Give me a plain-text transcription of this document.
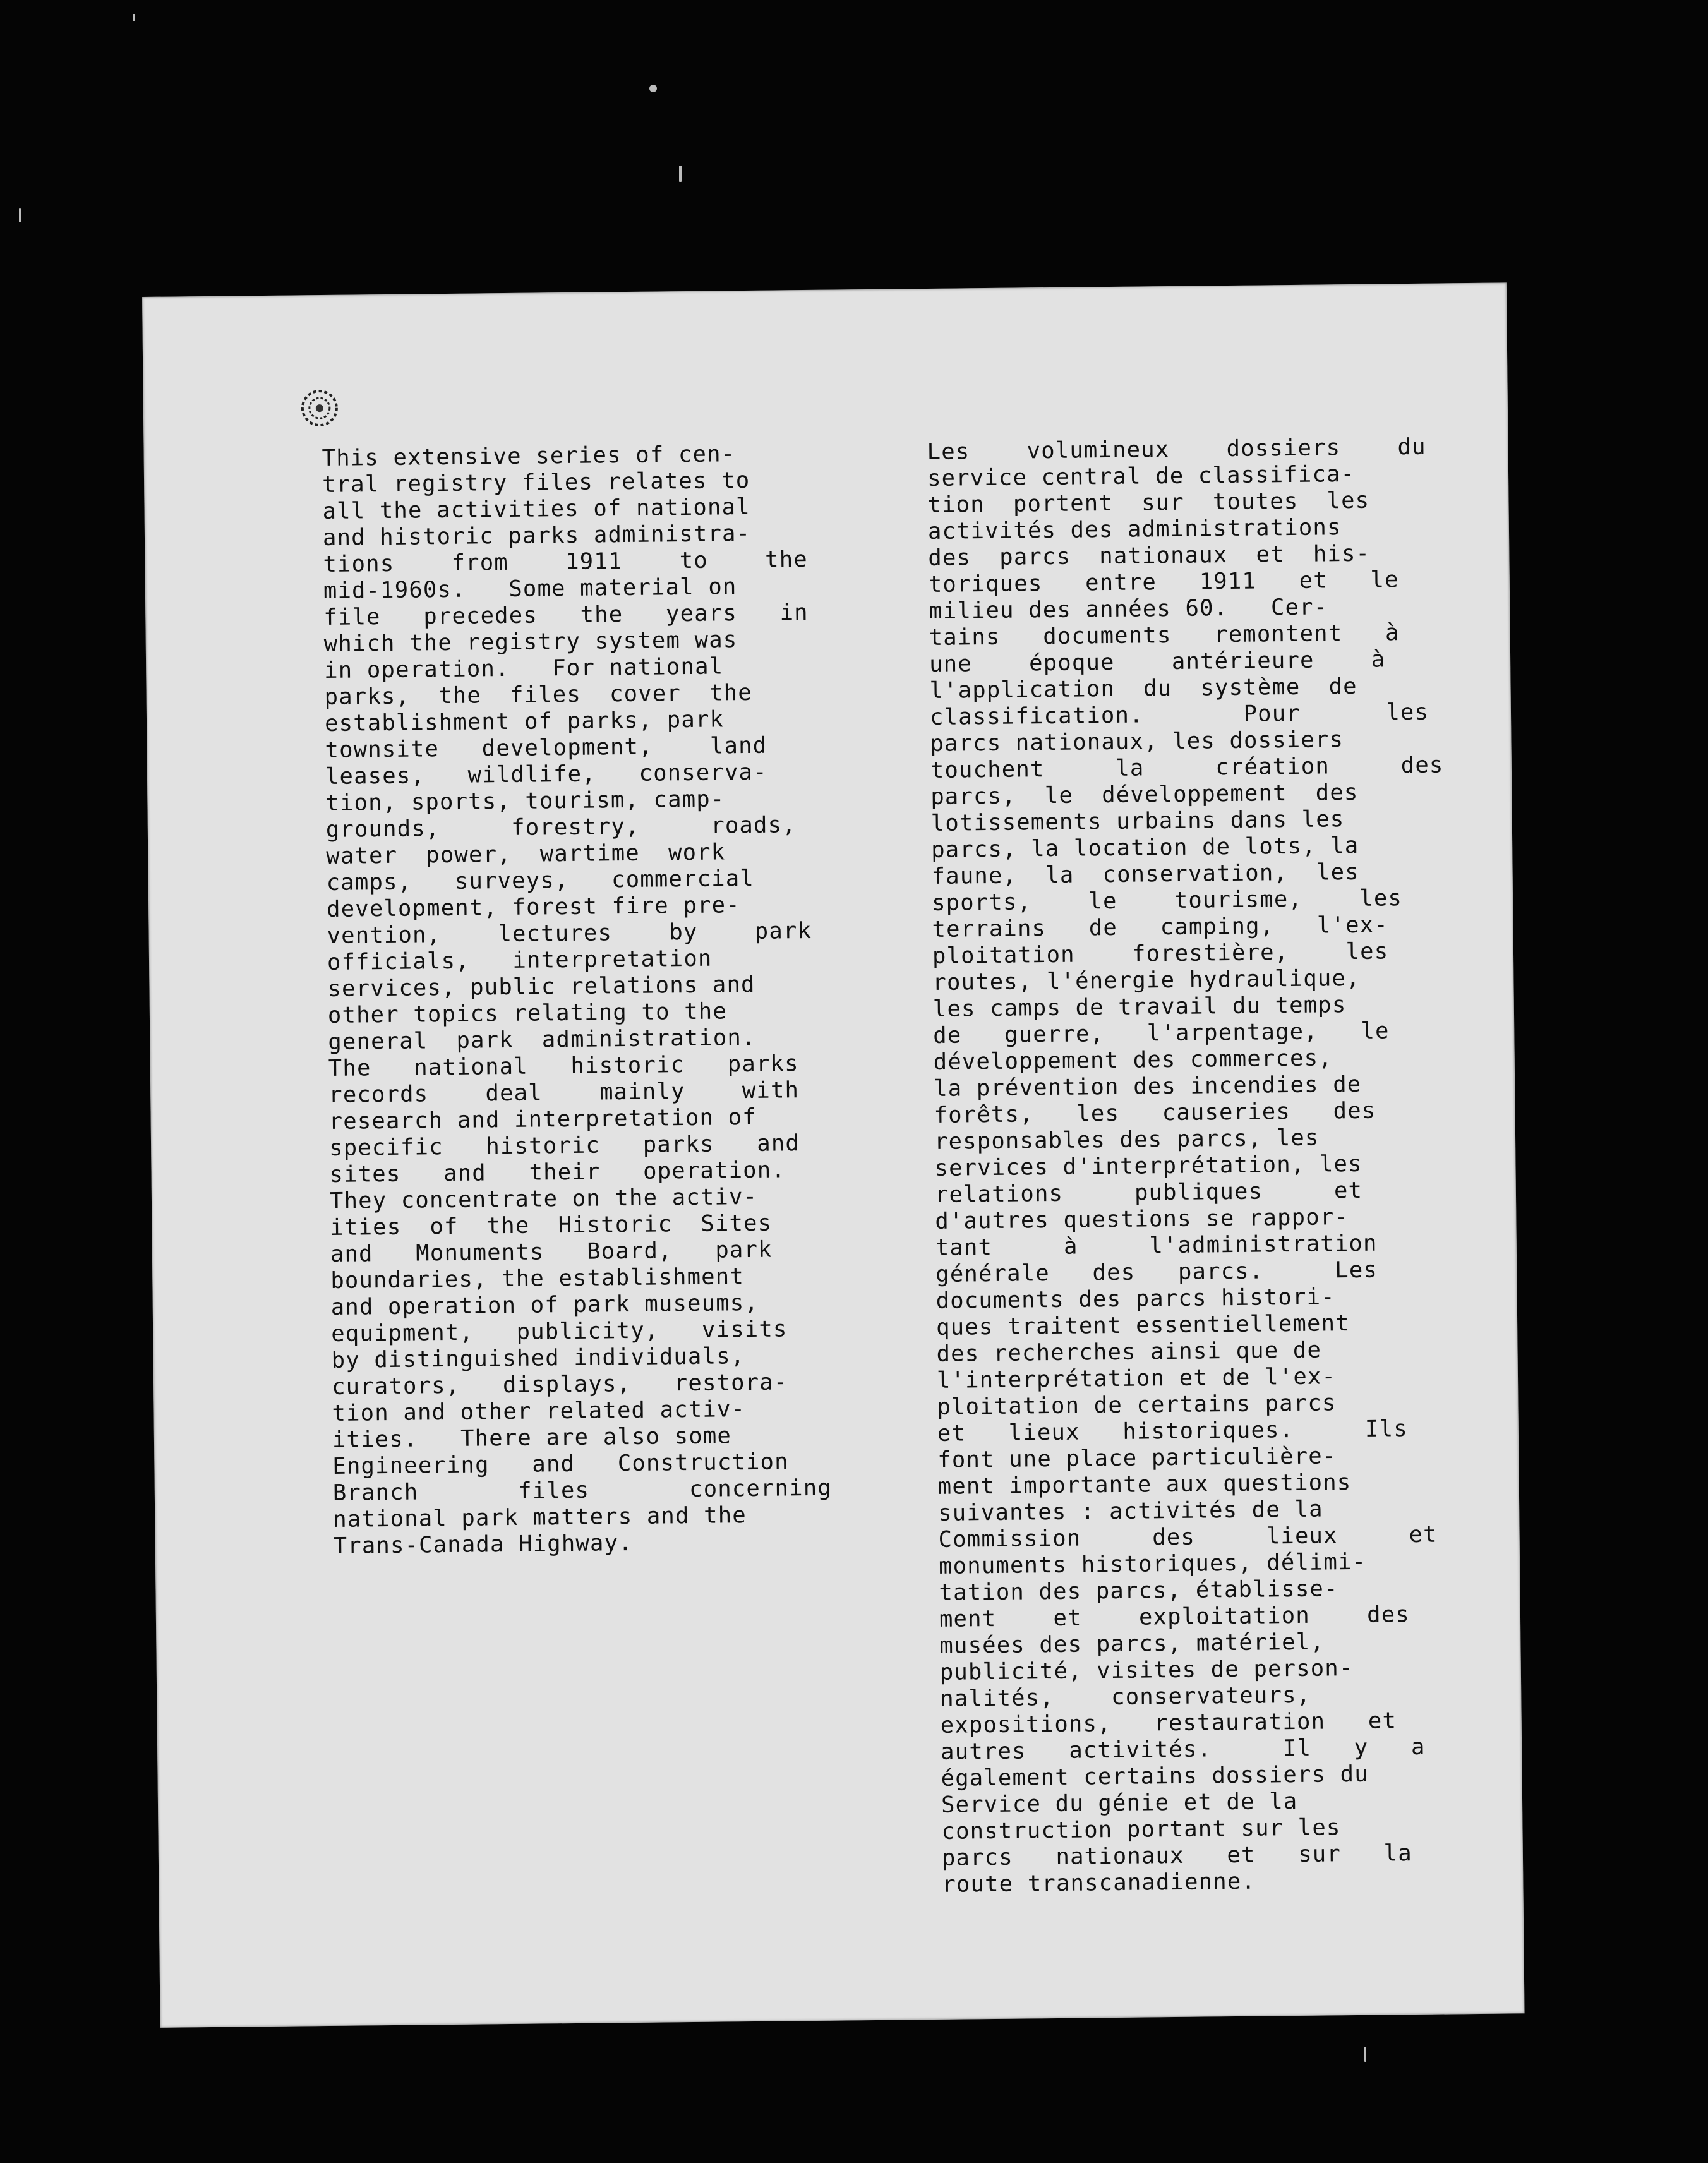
This extensive series of cen-
tral registry files relates to
all the activities of national
and historic parks administra-
tions    from    1911    to    the
mid-1960s.   Some material on
file   precedes   the   years   in
which the registry system was
in operation.   For national
parks,  the  files  cover  the
establishment of parks, park
townsite   development,    land
leases,   wildlife,   conserva-
tion, sports, tourism, camp-
grounds,     forestry,     roads,
water  power,  wartime  work
camps,   surveys,   commercial
development, forest fire pre-
vention,    lectures    by    park
officials,   interpretation
services, public relations and
other topics relating to the
general  park  administration.
The   national   historic   parks
records    deal    mainly    with
research and interpretation of
specific   historic   parks   and
sites   and   their   operation.
They concentrate on the activ-
ities  of  the  Historic  Sites
and   Monuments   Board,   park
boundaries, the establishment
and operation of park museums,
equipment,   publicity,   visits
by distinguished individuals,
curators,   displays,   restora-
tion and other related activ-
ities.   There are also some
Engineering   and   Construction
Branch       files       concerning
national park matters and the
Trans-Canada Highway.
Les    volumineux    dossiers    du
service central de classifica-
tion  portent  sur  toutes  les
activités des administrations
des  parcs  nationaux  et  his-
toriques   entre   1911   et   le
milieu des années 60.   Cer-
tains   documents   remontent   à
une    époque    antérieure    à
l'application  du  système  de
classification.       Pour      les
parcs nationaux, les dossiers
touchent     la     création     des
parcs,  le  développement  des
lotissements urbains dans les
parcs, la location de lots, la
faune,  la  conservation,  les
sports,    le    tourisme,    les
terrains   de   camping,   l'ex-
ploitation    forestière,    les
routes, l'énergie hydraulique,
les camps de travail du temps
de   guerre,   l'arpentage,   le
développement des commerces,
la prévention des incendies de
forêts,   les   causeries   des
responsables des parcs, les
services d'interprétation, les
relations     publiques     et
d'autres questions se rappor-
tant     à     l'administration
générale   des   parcs.     Les
documents des parcs histori-
ques traitent essentiellement
des recherches ainsi que de
l'interprétation et de l'ex-
ploitation de certains parcs
et   lieux   historiques.     Ils
font une place particulière-
ment importante aux questions
suivantes : activités de la
Commission     des     lieux     et
monuments historiques, délimi-
tation des parcs, établisse-
ment    et    exploitation    des
musées des parcs, matériel,
publicité, visites de person-
nalités,    conservateurs,
expositions,   restauration   et
autres   activités.     Il   y   a
également certains dossiers du
Service du génie et de la
construction portant sur les
parcs   nationaux   et   sur   la
route transcanadienne.
